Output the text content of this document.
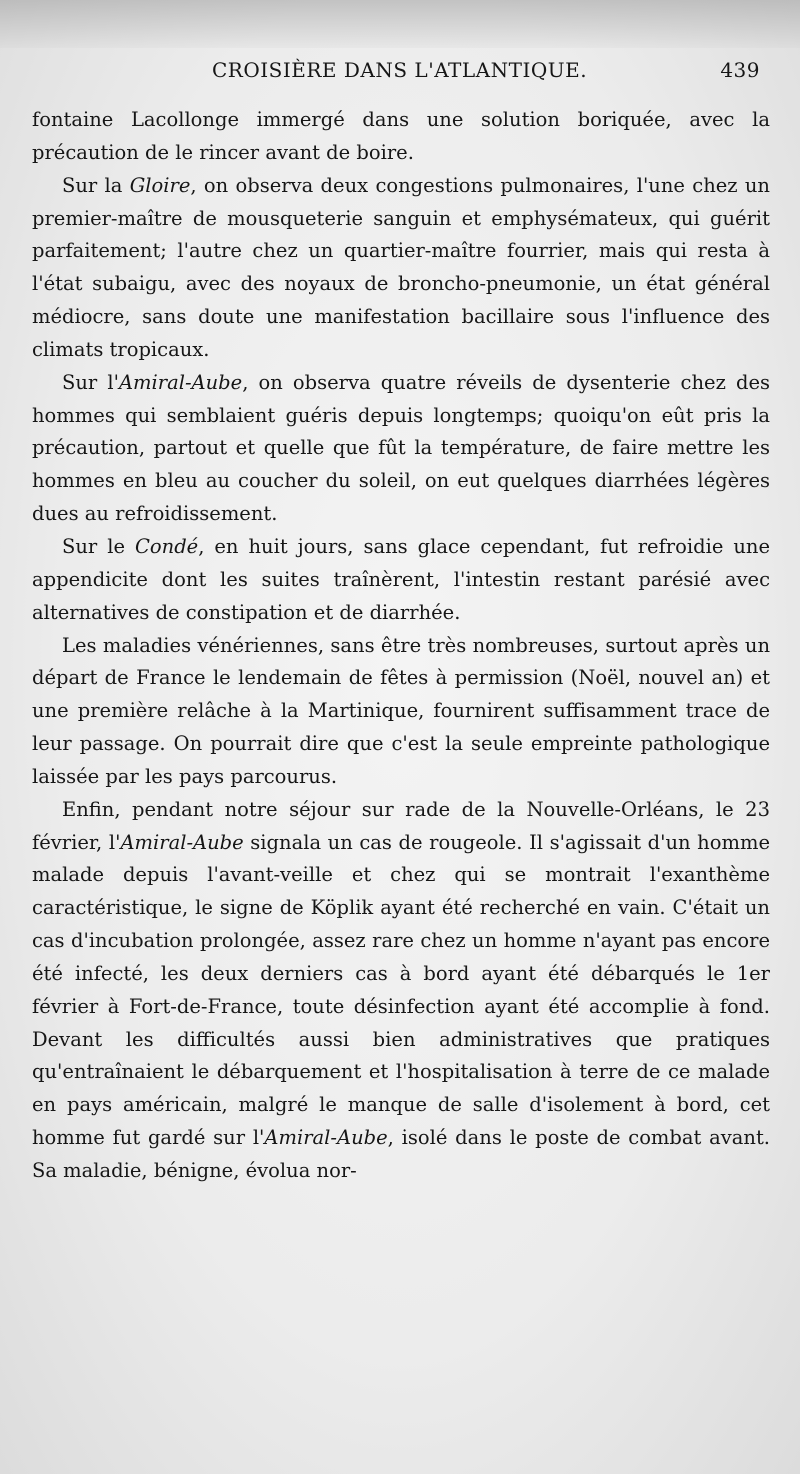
CROISIÈRE DANS L'ATLANTIQUE.	439

fontaine Lacollonge immergé dans une solution boriquée, avec la précaution de le rincer avant de boire.

Sur la Gloire, on observa deux congestions pulmonaires, l'une chez un premier-maître de mousqueterie sanguin et emphysémateux, qui guérit parfaitement; l'autre chez un quartier-maître fourrier, mais qui resta à l'état subaigu, avec des noyaux de broncho-pneumonie, un état général médiocre, sans doute une manifestation bacillaire sous l'influence des climats tropicaux.

Sur l'Amiral-Aube, on observa quatre réveils de dysenterie chez des hommes qui semblaient guéris depuis longtemps; quoiqu'on eût pris la précaution, partout et quelle que fût la température, de faire mettre les hommes en bleu au coucher du soleil, on eut quelques diarrhées légères dues au refroidissement.

Sur le Condé, en huit jours, sans glace cependant, fut refroidie une appendicite dont les suites traînèrent, l'intestin restant parésié avec alternatives de constipation et de diarrhée.

Les maladies vénériennes, sans être très nombreuses, surtout après un départ de France le lendemain de fêtes à permission (Noël, nouvel an) et une première relâche à la Martinique, fournirent suffisamment trace de leur passage. On pourrait dire que c'est la seule empreinte pathologique laissée par les pays parcourus.

Enfin, pendant notre séjour sur rade de la Nouvelle-Orléans, le 23 février, l'Amiral-Aube signala un cas de rougeole. Il s'agissait d'un homme malade depuis l'avant-veille et chez qui se montrait l'exanthème caractéristique, le signe de Köplik ayant été recherché en vain. C'était un cas d'incubation prolongée, assez rare chez un homme n'ayant pas encore été infecté, les deux derniers cas à bord ayant été débarqués le 1er février à Fort-de-France, toute désinfection ayant été accomplie à fond. Devant les difficultés aussi bien administratives que pratiques qu'entraînaient le débarquement et l'hospitalisation à terre de ce malade en pays américain, malgré le manque de salle d'isolement à bord, cet homme fut gardé sur l'Amiral-Aube, isolé dans le poste de combat avant. Sa maladie, bénigne, évolua nor-
